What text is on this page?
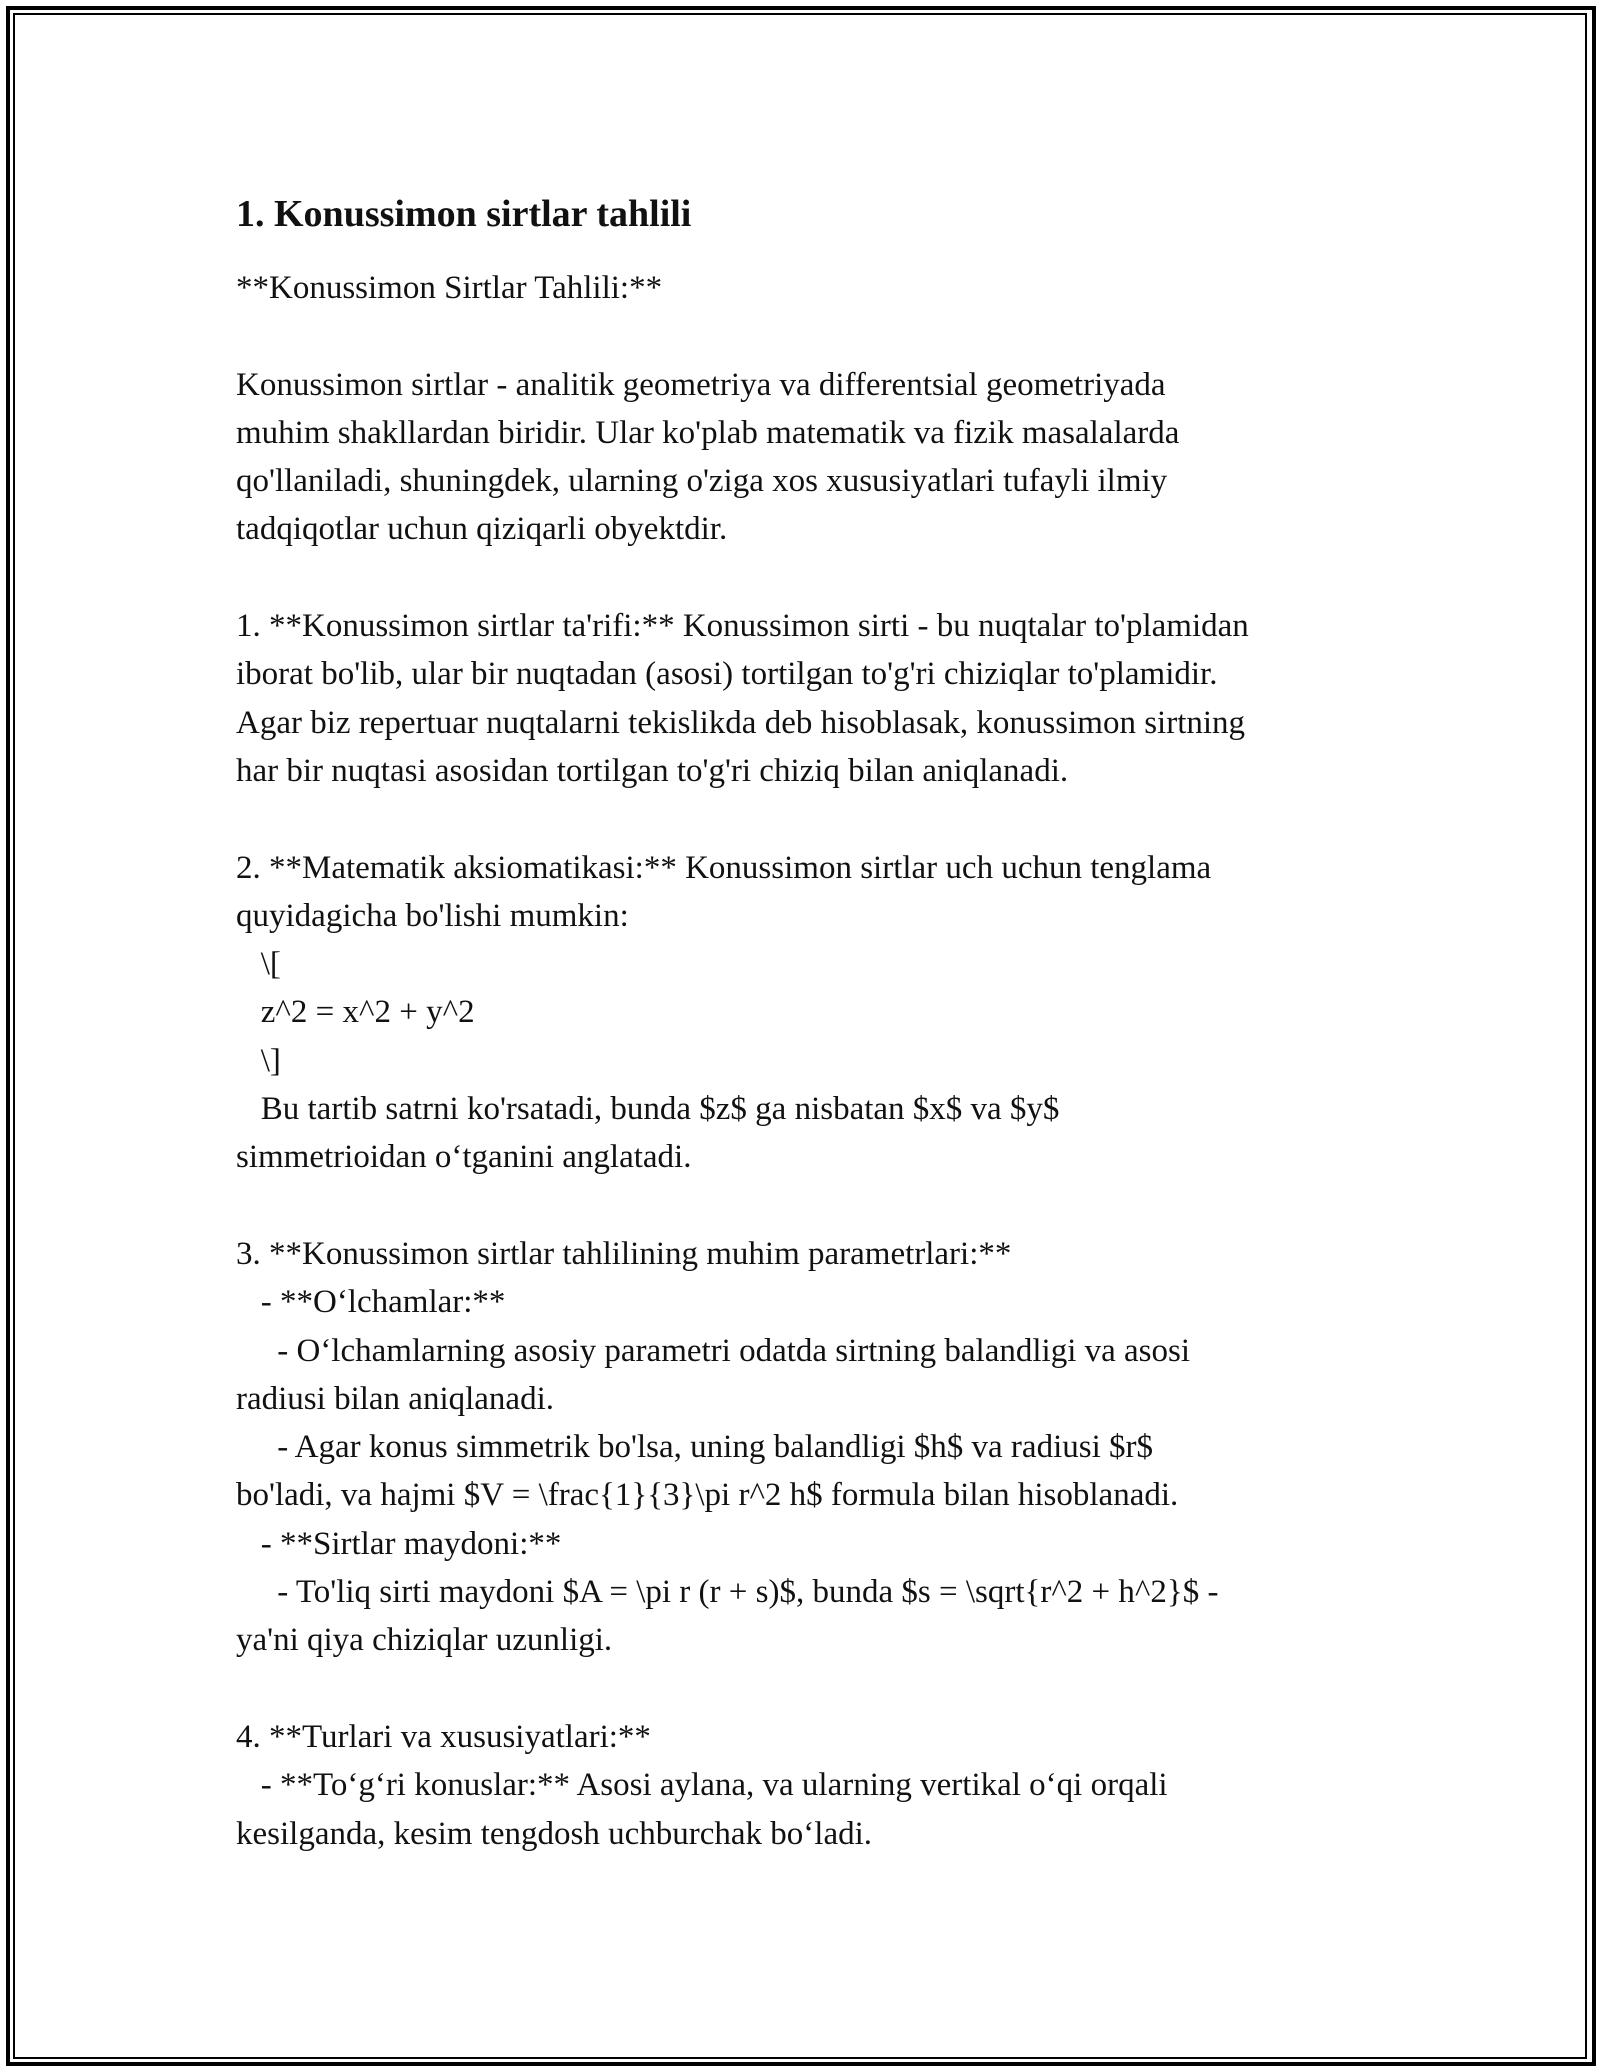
1. Konussimon sirtlar tahlili
**Konussimon Sirtlar Tahlili:**
Konussimon sirtlar - analitik geometriya va differentsial geometriyada
muhim shakllardan biridir. Ular ko'plab matematik va fizik masalalarda
qo'llaniladi, shuningdek, ularning o'ziga xos xususiyatlari tufayli ilmiy
tadqiqotlar uchun qiziqarli obyektdir.
1. **Konussimon sirtlar ta'rifi:** Konussimon sirti - bu nuqtalar to'plamidan
iborat bo'lib, ular bir nuqtadan (asosi) tortilgan to'g'ri chiziqlar to'plamidir.
Agar biz repertuar nuqtalarni tekislikda deb hisoblasak, konussimon sirtning
har bir nuqtasi asosidan tortilgan to'g'ri chiziq bilan aniqlanadi.
2. **Matematik aksiomatikasi:** Konussimon sirtlar uch uchun tenglama
quyidagicha bo'lishi mumkin:
\[
z^2 = x^2 + y^2
\]
Bu tartib satrni ko'rsatadi, bunda $z$ ga nisbatan $x$ va $y$
simmetrioidan o‘tganini anglatadi.
3. **Konussimon sirtlar tahlilining muhim parametrlari:**
- **O‘lchamlar:**
- O‘lchamlarning asosiy parametri odatda sirtning balandligi va asosi
radiusi bilan aniqlanadi.
- Agar konus simmetrik bo'lsa, uning balandligi $h$ va radiusi $r$
bo'ladi, va hajmi $V = \frac{1}{3}\pi r^2 h$ formula bilan hisoblanadi.
- **Sirtlar maydoni:**
- To'liq sirti maydoni $A = \pi r (r + s)$, bunda $s = \sqrt{r^2 + h^2}$ -
ya'ni qiya chiziqlar uzunligi.
4. **Turlari va xususiyatlari:**
- **To‘g‘ri konuslar:** Asosi aylana, va ularning vertikal o‘qi orqali
kesilganda, kesim tengdosh uchburchak bo‘ladi.
